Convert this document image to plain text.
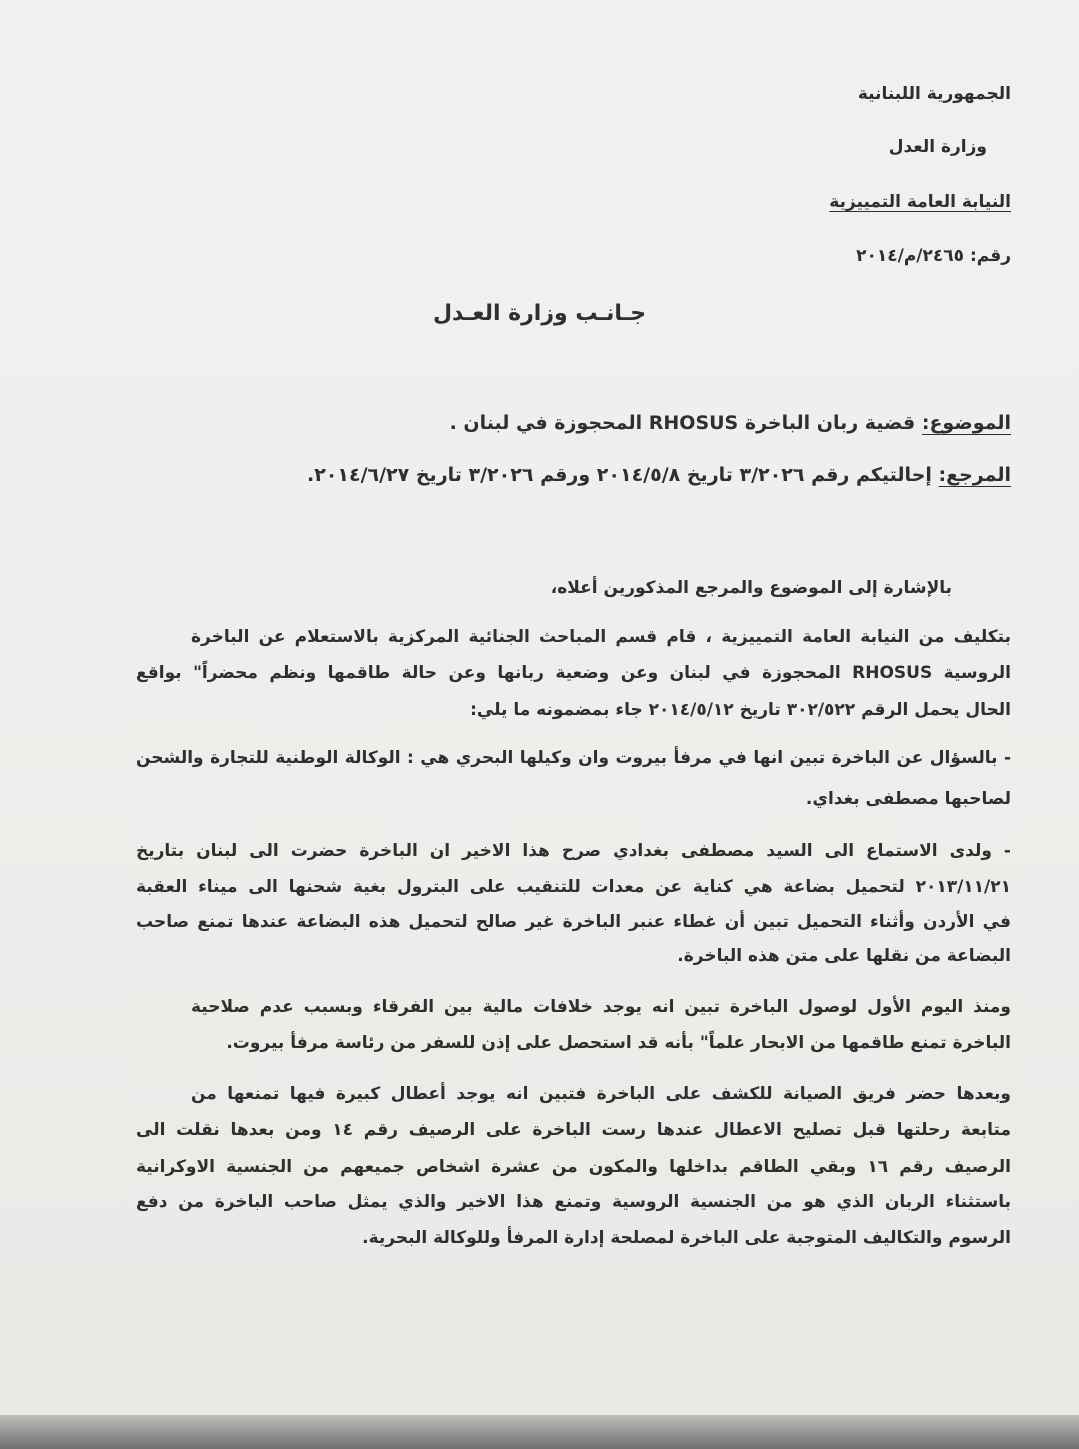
الجمهورية اللبنانية
وزارة العدل
النيابة العامة التمييزية
رقم: ٢٤٦٥/م/٢٠١٤
جـانـب وزارة العـدل
الموضوع: قضية ربان الباخرة RHOSUS المحجوزة في لبنان .
المرجع: إحالتيكم رقم ٣/٢٠٢٦ تاريخ ٢٠١٤/٥/٨ ورقم ٣/٢٠٢٦ تاريخ ٢٠١٤/٦/٢٧.
بالإشارة إلى الموضوع والمرجع المذكورين أعلاه،
بتكليف من النيابة العامة التمييزية ، قام قسم المباحث الجنائية المركزية بالاستعلام عن الباخرة
الروسية RHOSUS المحجوزة في لبنان وعن وضعية ربانها وعن حالة طاقمها ونظم محضراً" بواقع
الحال يحمل الرقم ٣٠٢/٥٢٢ تاريخ ٢٠١٤/٥/١٢ جاء بمضمونه ما يلي:
- بالسؤال عن الباخرة تبين انها في مرفأ بيروت وان وكيلها البحري هي : الوكالة الوطنية للتجارة والشحن
لصاحبها مصطفى بغداي.
- ولدى الاستماع الى السيد مصطفى بغدادي صرح هذا الاخير ان الباخرة حضرت الى لبنان بتاريخ
٢٠١٣/١١/٢١ لتحميل بضاعة هي كناية عن معدات للتنقيب على البترول بغية شحنها الى ميناء العقبة
في الأردن وأثناء التحميل تبين أن غطاء عنبر الباخرة غير صالح لتحميل هذه البضاعة عندها تمنع صاحب
البضاعة من نقلها على متن هذه الباخرة.
ومنذ اليوم الأول لوصول الباخرة تبين انه يوجد خلافات مالية بين الفرقاء وبسبب عدم صلاحية
الباخرة تمنع طاقمها من الابحار علماً" بأنه قد استحصل على إذن للسفر من رئاسة مرفأ بيروت.
وبعدها حضر فريق الصيانة للكشف على الباخرة فتبين انه يوجد أعطال كبيرة فيها تمنعها من
متابعة رحلتها قبل تصليح الاعطال عندها رست الباخرة على الرصيف رقم ١٤ ومن بعدها نقلت الى
الرصيف رقم ١٦ وبقي الطاقم بداخلها والمكون من عشرة اشخاص جميعهم من الجنسية الاوكرانية
باستثناء الربان الذي هو من الجنسية الروسية وتمنع هذا الاخير والذي يمثل صاحب الباخرة من دفع
الرسوم والتكاليف المتوجبة على الباخرة لمصلحة إدارة المرفأ وللوكالة البحرية.
